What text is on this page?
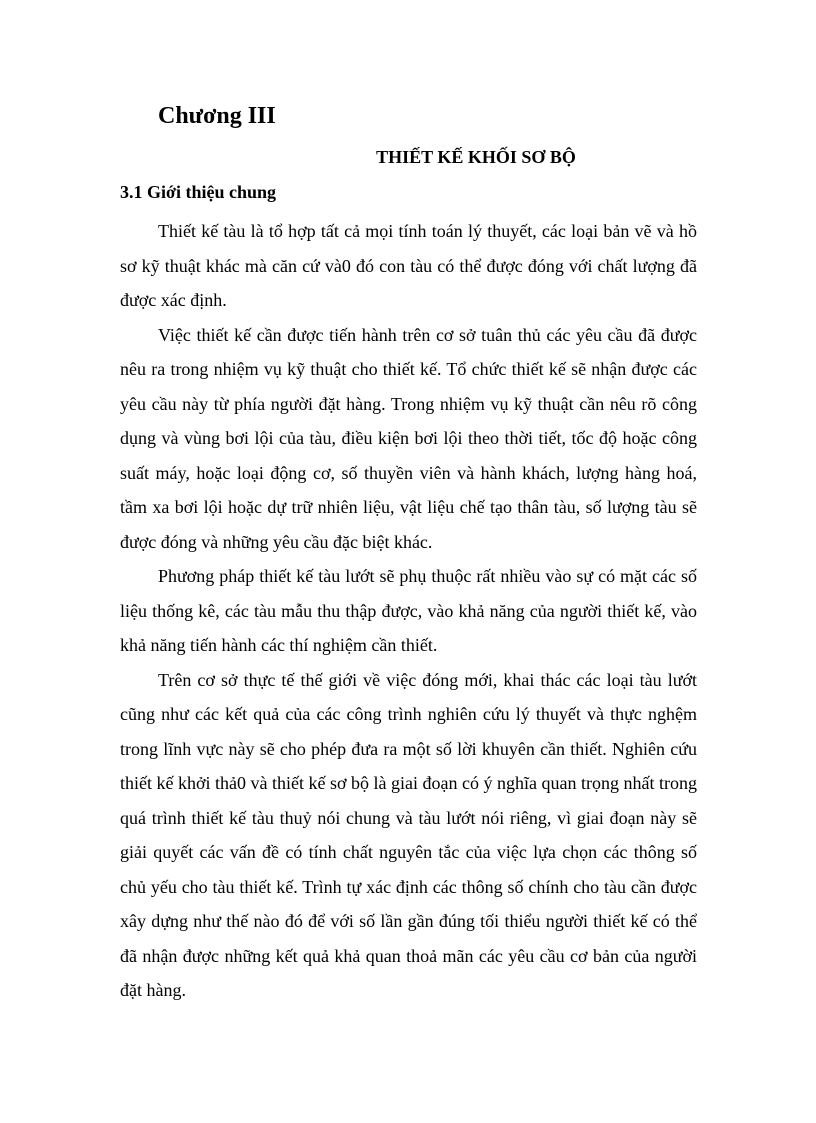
Chương III
THIẾT KẾ KHỐI SƠ BỘ
3.1 Giới thiệu chung

Thiết kế tàu là tổ hợp tất cả mọi tính toán lý thuyết, các loại bản vẽ và hồ sơ kỹ thuật khác mà căn cứ và0 đó con tàu có thể được đóng với chất lượng đã được xác định.

Việc thiết kế cần được tiến hành trên cơ sở tuân thủ các yêu cầu đã được nêu ra trong nhiệm vụ kỹ thuật cho thiết kế. Tổ chức thiết kế sẽ nhận được các yêu cầu này từ phía người đặt hàng. Trong nhiệm vụ kỹ thuật cần nêu rõ công dụng và vùng bơi lội của tàu, điều kiện bơi lội theo thời tiết, tốc độ hoặc công suất máy, hoặc loại động cơ, số thuyền viên và hành khách, lượng hàng hoá, tầm xa bơi lội hoặc dự trữ nhiên liệu, vật liệu chế tạo thân tàu, số lượng tàu sẽ được đóng và những yêu cầu đặc biệt khác.

Phương pháp thiết kế tàu lướt sẽ phụ thuộc rất nhiều vào sự có mặt các số liệu thống kê, các tàu mẫu thu thập được, vào khả năng của người thiết kế, vào khả năng tiến hành các thí nghiệm cần thiết.

Trên cơ sở thực tế thế giới về việc đóng mới, khai thác các loại tàu lướt cũng như các kết quả của các công trình nghiên cứu lý thuyết và thực nghệm trong lĩnh vực này sẽ cho phép đưa ra một số lời khuyên cần thiết. Nghiên cứu thiết kế khởi thả0 và thiết kế sơ bộ là giai đoạn có ý nghĩa quan trọng nhất trong quá trình thiết kế tàu thuỷ nói chung và tàu lướt nói riêng, vì giai đoạn này sẽ giải quyết các vấn đề có tính chất nguyên tắc của việc lựa chọn các thông số chủ yếu cho tàu thiết kế. Trình tự xác định các thông số chính cho tàu cần được xây dựng như thế nào đó để với số lần gần đúng tối thiểu người thiết kế có thể đã nhận được những kết quả khả quan thoả mãn các yêu cầu cơ bản của người đặt hàng.
